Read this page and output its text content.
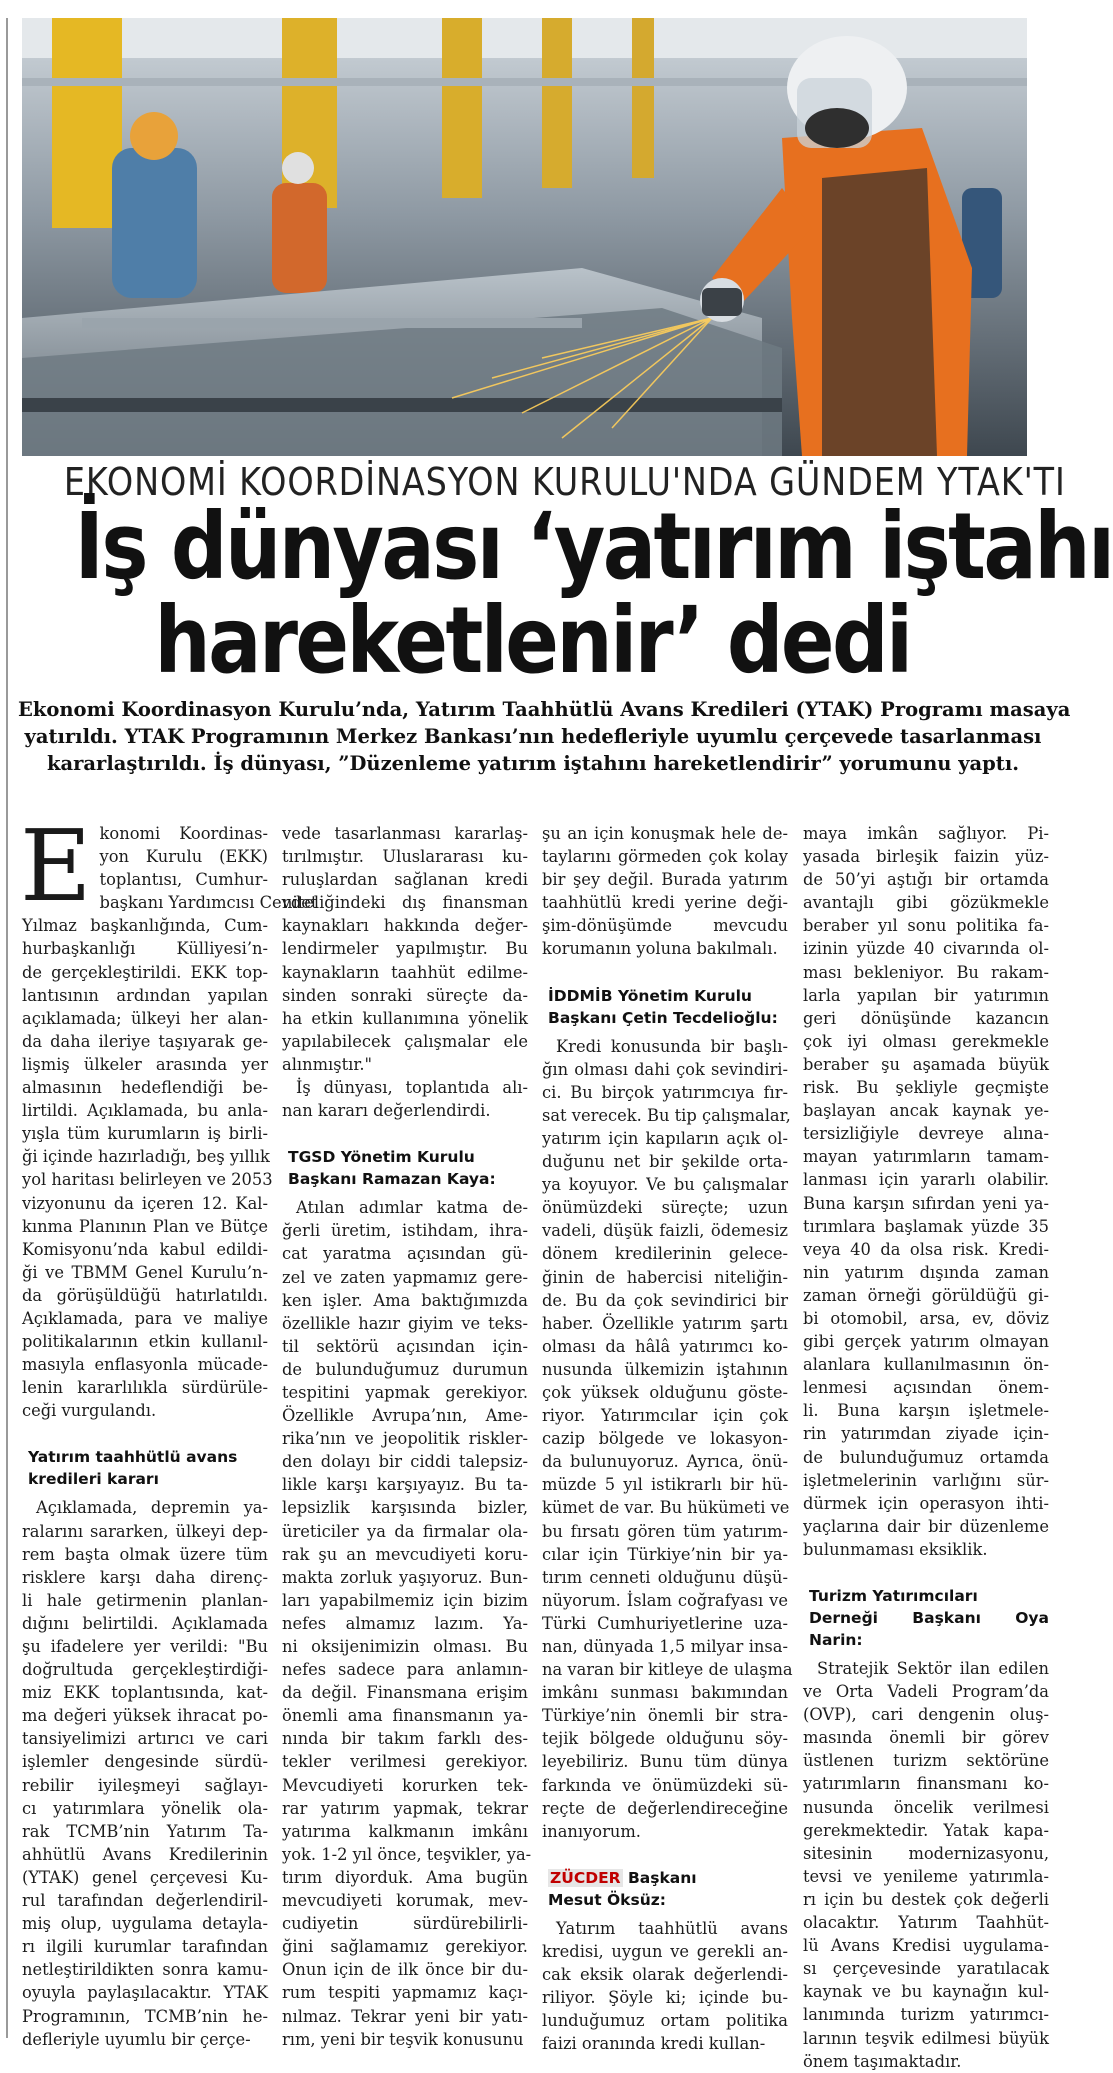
EKONOMİ KOORDİNASYON KURULU'NDA GÜNDEM YTAK'TI
İş dünyası ‘yatırım iştahı
hareketlenir’ dedi
Ekonomi Koordinasyon Kurulu’nda, Yatırım Taahhütlü Avans Kredileri (YTAK) Programı masaya
yatırıldı. YTAK Programının Merkez Bankası’nın hedefleriyle uyumlu çerçevede tasarlanması
kararlaştırıldı. İş dünyası, ”Düzenleme yatırım iştahını hareketlendirir” yorumunu yaptı.
E konomi Koordinas-
yon Kurulu (EKK)
toplantısı, Cumhur-
başkanı Yardımcısı Cevdet
Yılmaz başkanlığında, Cum-
hurbaşkanlığı Külliyesi’n-
de gerçekleştirildi. EKK top-
lantısının ardından yapılan
açıklamada; ülkeyi her alan-
da daha ileriye taşıyarak ge-
lişmiş ülkeler arasında yer
almasının hedeflendiği be-
lirtildi. Açıklamada, bu anla-
yışla tüm kurumların iş birli-
ği içinde hazırladığı, beş yıllık
yol haritası belirleyen ve 2053
vizyonunu da içeren 12. Kal-
kınma Planının Plan ve Bütçe
Komisyonu’nda kabul edildi-
ği ve TBMM Genel Kurulu’n-
da görüşüldüğü hatırlatıldı.
Açıklamada, para ve maliye
politikalarının etkin kullanıl-
masıyla enflasyonla mücade-
lenin kararlılıkla sürdürüle-
ceği vurgulandı.
Yatırım taahhütlü avans
kredileri kararı
Açıklamada, depremin ya-
ralarını sararken, ülkeyi dep-
rem başta olmak üzere tüm
risklere karşı daha direnç-
li hale getirmenin planlan-
dığını belirtildi. Açıklamada
şu ifadelere yer verildi: "Bu
doğrultuda gerçekleştirdiği-
miz EKK toplantısında, kat-
ma değeri yüksek ihracat po-
tansiyelimizi artırıcı ve cari
işlemler dengesinde sürdü-
rebilir iyileşmeyi sağlayı-
cı yatırımlara yönelik ola-
rak TCMB’nin Yatırım Ta-
ahhütlü Avans Kredilerinin
(YTAK) genel çerçevesi Ku-
rul tarafından değerlendiril-
miş olup, uygulama detayla-
rı ilgili kurumlar tarafından
netleştirildikten sonra kamu-
oyuyla paylaşılacaktır. YTAK
Programının, TCMB’nin he-
defleriyle uyumlu bir çerçe-
vede tasarlanması kararlaş-
tırılmıştır. Uluslararası ku-
ruluşlardan sağlanan kredi
niteliğindeki dış finansman
kaynakları hakkında değer-
lendirmeler yapılmıştır. Bu
kaynakların taahhüt edilme-
sinden sonraki süreçte da-
ha etkin kullanımına yönelik
yapılabilecek çalışmalar ele
alınmıştır."
İş dünyası, toplantıda alı-
nan kararı değerlendirdi.
TGSD Yönetim Kurulu
Başkanı Ramazan Kaya:
Atılan adımlar katma de-
ğerli üretim, istihdam, ihra-
cat yaratma açısından gü-
zel ve zaten yapmamız gere-
ken işler. Ama baktığımızda
özellikle hazır giyim ve teks-
til sektörü açısından için-
de bulunduğumuz durumun
tespitini yapmak gerekiyor.
Özellikle Avrupa’nın, Ame-
rika’nın ve jeopolitik riskler-
den dolayı bir ciddi talepsiz-
likle karşı karşıyayız. Bu ta-
lepsizlik karşısında bizler,
üreticiler ya da firmalar ola-
rak şu an mevcudiyeti koru-
makta zorluk yaşıyoruz. Bun-
ları yapabilmemiz için bizim
nefes almamız lazım. Ya-
ni oksijenimizin olması. Bu
nefes sadece para anlamın-
da değil. Finansmana erişim
önemli ama finansmanın ya-
nında bir takım farklı des-
tekler verilmesi gerekiyor.
Mevcudiyeti korurken tek-
rar yatırım yapmak, tekrar
yatırıma kalkmanın imkânı
yok. 1-2 yıl önce, teşvikler, ya-
tırım diyorduk. Ama bugün
mevcudiyeti korumak, mev-
cudiyetin sürdürebilirli-
ğini sağlamamız gerekiyor.
Onun için de ilk önce bir du-
rum tespiti yapmamız kaçı-
nılmaz. Tekrar yeni bir yatı-
rım, yeni bir teşvik konusunu
şu an için konuşmak hele de-
taylarını görmeden çok kolay
bir şey değil. Burada yatırım
taahhütlü kredi yerine deği-
şim-dönüşümde mevcudu
korumanın yoluna bakılmalı.
İDDMİB Yönetim Kurulu
Başkanı Çetin Tecdelioğlu:
Kredi konusunda bir başlı-
ğın olması dahi çok sevindiri-
ci. Bu birçok yatırımcıya fır-
sat verecek. Bu tip çalışmalar,
yatırım için kapıların açık ol-
duğunu net bir şekilde orta-
ya koyuyor. Ve bu çalışmalar
önümüzdeki süreçte; uzun
vadeli, düşük faizli, ödemesiz
dönem kredilerinin gelece-
ğinin de habercisi niteliğin-
de. Bu da çok sevindirici bir
haber. Özellikle yatırım şartı
olması da hâlâ yatırımcı ko-
nusunda ülkemizin iştahının
çok yüksek olduğunu göste-
riyor. Yatırımcılar için çok
cazip bölgede ve lokasyon-
da bulunuyoruz. Ayrıca, önü-
müzde 5 yıl istikrarlı bir hü-
kümet de var. Bu hükümeti ve
bu fırsatı gören tüm yatırım-
cılar için Türkiye’nin bir ya-
tırım cenneti olduğunu düşü-
nüyorum. İslam coğrafyası ve
Türki Cumhuriyetlerine uza-
nan, dünyada 1,5 milyar insa-
na varan bir kitleye de ulaşma
imkânı sunması bakımından
Türkiye’nin önemli bir stra-
tejik bölgede olduğunu söy-
leyebiliriz. Bunu tüm dünya
farkında ve önümüzdeki sü-
reçte de değerlendireceğine
inanıyorum.
ZÜCDER Başkanı
Mesut Öksüz:
Yatırım taahhütlü avans
kredisi, uygun ve gerekli an-
cak eksik olarak değerlendi-
riliyor. Şöyle ki; içinde bu-
lunduğumuz ortam politika
faizi oranında kredi kullan-
maya imkân sağlıyor. Pi-
yasada birleşik faizin yüz-
de 50’yi aştığı bir ortamda
avantajlı gibi gözükmekle
beraber yıl sonu politika fa-
izinin yüzde 40 civarında ol-
ması bekleniyor. Bu rakam-
larla yapılan bir yatırımın
geri dönüşünde kazancın
çok iyi olması gerekmekle
beraber şu aşamada büyük
risk. Bu şekliyle geçmişte
başlayan ancak kaynak ye-
tersizliğiyle devreye alına-
mayan yatırımların tamam-
lanması için yararlı olabilir.
Buna karşın sıfırdan yeni ya-
tırımlara başlamak yüzde 35
veya 40 da olsa risk. Kredi-
nin yatırım dışında zaman
zaman örneği görüldüğü gi-
bi otomobil, arsa, ev, döviz
gibi gerçek yatırım olmayan
alanlara kullanılmasının ön-
lenmesi açısından önem-
li. Buna karşın işletmele-
rin yatırımdan ziyade için-
de bulunduğumuz ortamda
işletmelerinin varlığını sür-
dürmek için operasyon ihti-
yaçlarına dair bir düzenleme
bulunmaması eksiklik.
Turizm Yatırımcıları
Derneği Başkanı Oya Narin:
Stratejik Sektör ilan edilen
ve Orta Vadeli Program’da
(OVP), cari dengenin oluş-
masında önemli bir görev
üstlenen turizm sektörüne
yatırımların finansmanı ko-
nusunda öncelik verilmesi
gerekmektedir. Yatak kapa-
sitesinin modernizasyonu,
tevsi ve yenileme yatırımla-
rı için bu destek çok değerli
olacaktır. Yatırım Taahhüt-
lü Avans Kredisi uygulama-
sı çerçevesinde yaratılacak
kaynak ve bu kaynağın kul-
lanımında turizm yatırımcı-
larının teşvik edilmesi büyük
önem taşımaktadır.
